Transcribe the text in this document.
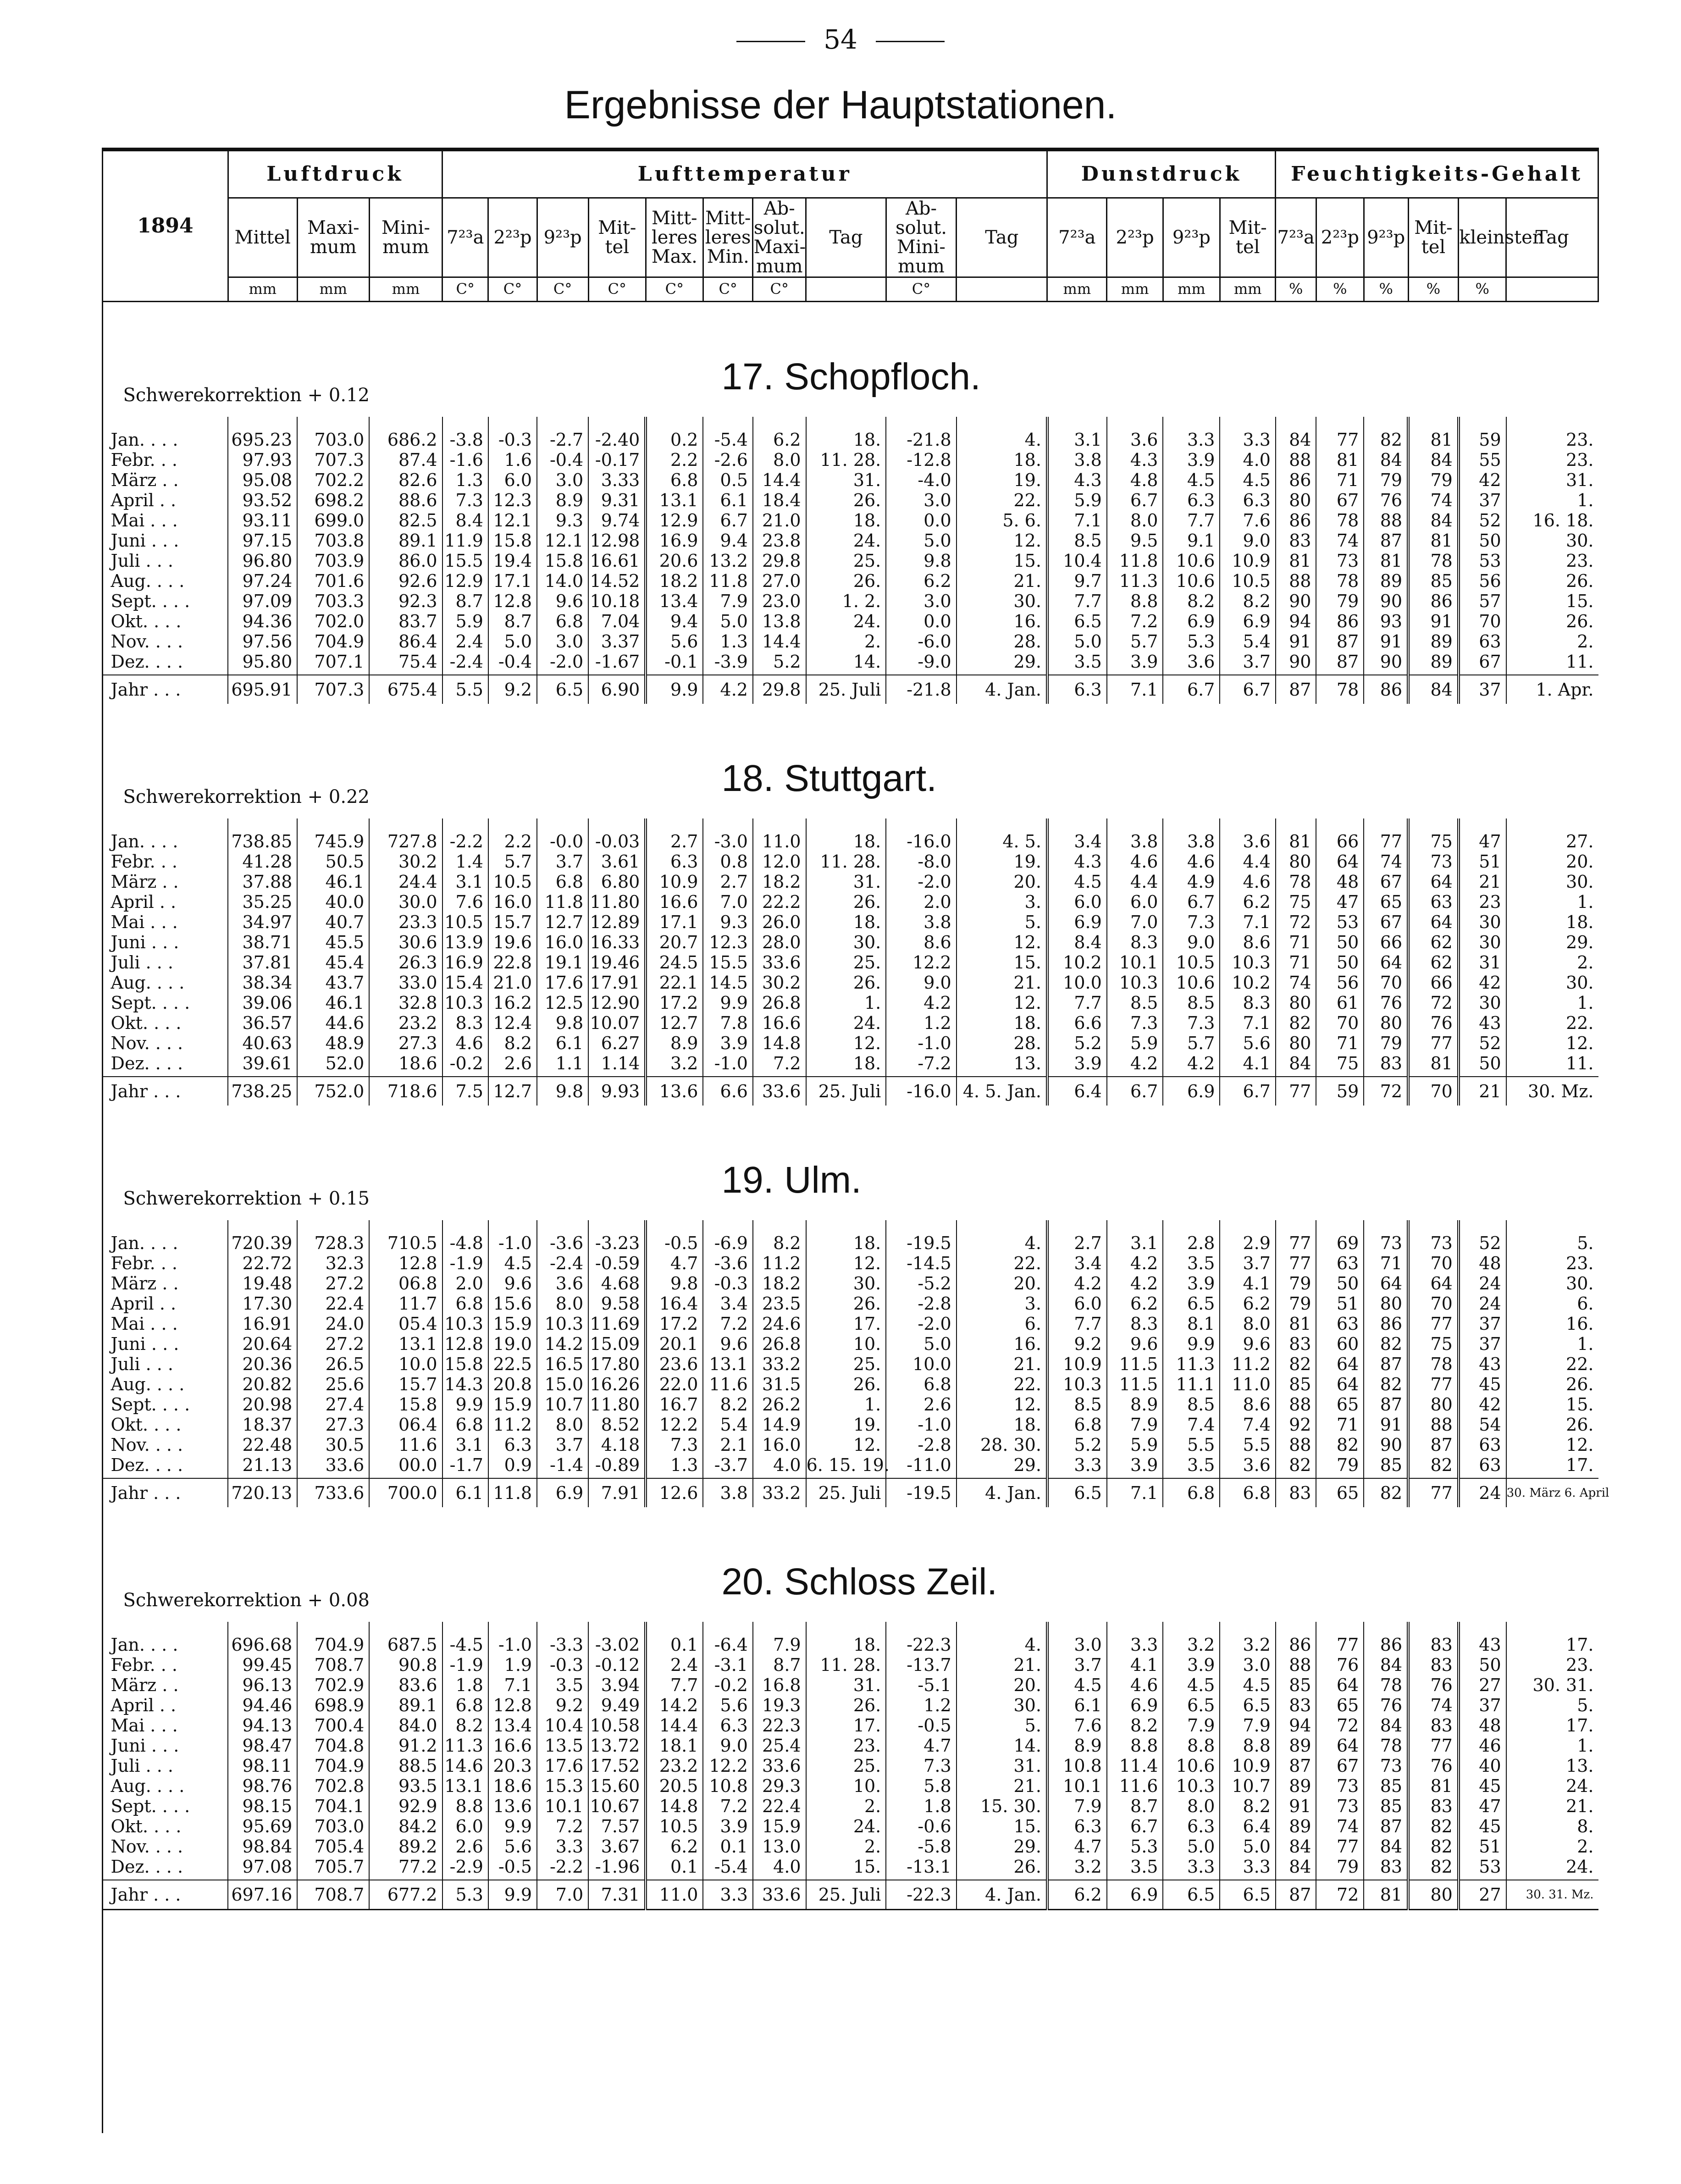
54
Ergebnisse der Hauptstationen.
1894	Luftdruck			Lufttemperatur										Dunstdruck				Feuchtigkeits-Gehalt					
	Mittel	Maxi-mum	Mini-mum	7²³a	2²³p	9²³p	Mit-tel	Mitt-leres Max.	Mitt-leres Min.	Ab-solut. Maxi-mum	Tag	Ab-solut. Mini-mum	Tag	7²³a	2²³p	9²³p	Mit-tel	7²³a	2²³p	9²³p	Mit-tel	kleinster	Tag
	mm	mm	mm	C°	C°	C°	C°	C°	C°	C°		C°		mm	mm	mm	mm	%	%	%	%	%	

Schwerekorrektion + 0.12 17. Schopfloch.																							

Jan. . . .	695.23	703.0	686.2	-3.8	-0.3	-2.7	-2.40	0.2	-5.4	6.2	18.	-21.8	4.	3.1	3.6	3.3	3.3	84	77	82	81	59	23.
Febr. . .	97.93	707.3	87.4	-1.6	1.6	-0.4	-0.17	2.2	-2.6	8.0	11. 28.	-12.8	18.	3.8	4.3	3.9	4.0	88	81	84	84	55	23.
März . .	95.08	702.2	82.6	1.3	6.0	3.0	3.33	6.8	0.5	14.4	31.	-4.0	19.	4.3	4.8	4.5	4.5	86	71	79	79	42	31.
April . .	93.52	698.2	88.6	7.3	12.3	8.9	9.31	13.1	6.1	18.4	26.	3.0	22.	5.9	6.7	6.3	6.3	80	67	76	74	37	1.
Mai . . .	93.11	699.0	82.5	8.4	12.1	9.3	9.74	12.9	6.7	21.0	18.	0.0	5. 6.	7.1	8.0	7.7	7.6	86	78	88	84	52	16. 18.
Juni . . .	97.15	703.8	89.1	11.9	15.8	12.1	12.98	16.9	9.4	23.8	24.	5.0	12.	8.5	9.5	9.1	9.0	83	74	87	81	50	30.
Juli . . .	96.80	703.9	86.0	15.5	19.4	15.8	16.61	20.6	13.2	29.8	25.	9.8	15.	10.4	11.8	10.6	10.9	81	73	81	78	53	23.
Aug. . . .	97.24	701.6	92.6	12.9	17.1	14.0	14.52	18.2	11.8	27.0	26.	6.2	21.	9.7	11.3	10.6	10.5	88	78	89	85	56	26.
Sept. . . .	97.09	703.3	92.3	8.7	12.8	9.6	10.18	13.4	7.9	23.0	1. 2.	3.0	30.	7.7	8.8	8.2	8.2	90	79	90	86	57	15.
Okt. . . .	94.36	702.0	83.7	5.9	8.7	6.8	7.04	9.4	5.0	13.8	24.	0.0	16.	6.5	7.2	6.9	6.9	94	86	93	91	70	26.
Nov. . . .	97.56	704.9	86.4	2.4	5.0	3.0	3.37	5.6	1.3	14.4	2.	-6.0	28.	5.0	5.7	5.3	5.4	91	87	91	89	63	2.
Dez. . . .	95.80	707.1	75.4	-2.4	-0.4	-2.0	-1.67	-0.1	-3.9	5.2	14.	-9.0	29.	3.5	3.9	3.6	3.7	90	87	90	89	67	11.
Jahr . . .	695.91	707.3	675.4	5.5	9.2	6.5	6.90	9.9	4.2	29.8	25. Juli	-21.8	4. Jan.	6.3	7.1	6.7	6.7	87	78	86	84	37	1. Apr.

Schwerekorrektion + 0.22 18. Stuttgart.																							

Jan. . . .	738.85	745.9	727.8	-2.2	2.2	-0.0	-0.03	2.7	-3.0	11.0	18.	-16.0	4. 5.	3.4	3.8	3.8	3.6	81	66	77	75	47	27.
Febr. . .	41.28	50.5	30.2	1.4	5.7	3.7	3.61	6.3	0.8	12.0	11. 28.	-8.0	19.	4.3	4.6	4.6	4.4	80	64	74	73	51	20.
März . .	37.88	46.1	24.4	3.1	10.5	6.8	6.80	10.9	2.7	18.2	31.	-2.0	20.	4.5	4.4	4.9	4.6	78	48	67	64	21	30.
April . .	35.25	40.0	30.0	7.6	16.0	11.8	11.80	16.6	7.0	22.2	26.	2.0	3.	6.0	6.0	6.7	6.2	75	47	65	63	23	1.
Mai . . .	34.97	40.7	23.3	10.5	15.7	12.7	12.89	17.1	9.3	26.0	18.	3.8	5.	6.9	7.0	7.3	7.1	72	53	67	64	30	18.
Juni . . .	38.71	45.5	30.6	13.9	19.6	16.0	16.33	20.7	12.3	28.0	30.	8.6	12.	8.4	8.3	9.0	8.6	71	50	66	62	30	29.
Juli . . .	37.81	45.4	26.3	16.9	22.8	19.1	19.46	24.5	15.5	33.6	25.	12.2	15.	10.2	10.1	10.5	10.3	71	50	64	62	31	2.
Aug. . . .	38.34	43.7	33.0	15.4	21.0	17.6	17.91	22.1	14.5	30.2	26.	9.0	21.	10.0	10.3	10.6	10.2	74	56	70	66	42	30.
Sept. . . .	39.06	46.1	32.8	10.3	16.2	12.5	12.90	17.2	9.9	26.8	1.	4.2	12.	7.7	8.5	8.5	8.3	80	61	76	72	30	1.
Okt. . . .	36.57	44.6	23.2	8.3	12.4	9.8	10.07	12.7	7.8	16.6	24.	1.2	18.	6.6	7.3	7.3	7.1	82	70	80	76	43	22.
Nov. . . .	40.63	48.9	27.3	4.6	8.2	6.1	6.27	8.9	3.9	14.8	12.	-1.0	28.	5.2	5.9	5.7	5.6	80	71	79	77	52	12.
Dez. . . .	39.61	52.0	18.6	-0.2	2.6	1.1	1.14	3.2	-1.0	7.2	18.	-7.2	13.	3.9	4.2	4.2	4.1	84	75	83	81	50	11.
Jahr . . .	738.25	752.0	718.6	7.5	12.7	9.8	9.93	13.6	6.6	33.6	25. Juli	-16.0	4. 5. Jan.	6.4	6.7	6.9	6.7	77	59	72	70	21	30. Mz.

Schwerekorrektion + 0.15 19. Ulm.																							

Jan. . . .	720.39	728.3	710.5	-4.8	-1.0	-3.6	-3.23	-0.5	-6.9	8.2	18.	-19.5	4.	2.7	3.1	2.8	2.9	77	69	73	73	52	5.
Febr. . .	22.72	32.3	12.8	-1.9	4.5	-2.4	-0.59	4.7	-3.6	11.2	12.	-14.5	22.	3.4	4.2	3.5	3.7	77	63	71	70	48	23.
März . .	19.48	27.2	06.8	2.0	9.6	3.6	4.68	9.8	-0.3	18.2	30.	-5.2	20.	4.2	4.2	3.9	4.1	79	50	64	64	24	30.
April . .	17.30	22.4	11.7	6.8	15.6	8.0	9.58	16.4	3.4	23.5	26.	-2.8	3.	6.0	6.2	6.5	6.2	79	51	80	70	24	6.
Mai . . .	16.91	24.0	05.4	10.3	15.9	10.3	11.69	17.2	7.2	24.6	17.	-2.0	6.	7.7	8.3	8.1	8.0	81	63	86	77	37	16.
Juni . . .	20.64	27.2	13.1	12.8	19.0	14.2	15.09	20.1	9.6	26.8	10.	5.0	16.	9.2	9.6	9.9	9.6	83	60	82	75	37	1.
Juli . . .	20.36	26.5	10.0	15.8	22.5	16.5	17.80	23.6	13.1	33.2	25.	10.0	21.	10.9	11.5	11.3	11.2	82	64	87	78	43	22.
Aug. . . .	20.82	25.6	15.7	14.3	20.8	15.0	16.26	22.0	11.6	31.5	26.	6.8	22.	10.3	11.5	11.1	11.0	85	64	82	77	45	26.
Sept. . . .	20.98	27.4	15.8	9.9	15.9	10.7	11.80	16.7	8.2	26.2	1.	2.6	12.	8.5	8.9	8.5	8.6	88	65	87	80	42	15.
Okt. . . .	18.37	27.3	06.4	6.8	11.2	8.0	8.52	12.2	5.4	14.9	19.	-1.0	18.	6.8	7.9	7.4	7.4	92	71	91	88	54	26.
Nov. . . .	22.48	30.5	11.6	3.1	6.3	3.7	4.18	7.3	2.1	16.0	12.	-2.8	28. 30.	5.2	5.9	5.5	5.5	88	82	90	87	63	12.
Dez. . . .	21.13	33.6	00.0	-1.7	0.9	-1.4	-0.89	1.3	-3.7	4.0	6. 15. 19.	-11.0	29.	3.3	3.9	3.5	3.6	82	79	85	82	63	17.
Jahr . . .	720.13	733.6	700.0	6.1	11.8	6.9	7.91	12.6	3.8	33.2	25. Juli	-19.5	4. Jan.	6.5	7.1	6.8	6.8	83	65	82	77	24	30. März 6. April

Schwerekorrektion + 0.08 20. Schloss Zeil.																							

Jan. . . .	696.68	704.9	687.5	-4.5	-1.0	-3.3	-3.02	0.1	-6.4	7.9	18.	-22.3	4.	3.0	3.3	3.2	3.2	86	77	86	83	43	17.
Febr. . .	99.45	708.7	90.8	-1.9	1.9	-0.3	-0.12	2.4	-3.1	8.7	11. 28.	-13.7	21.	3.7	4.1	3.9	3.0	88	76	84	83	50	23.
März . .	96.13	702.9	83.6	1.8	7.1	3.5	3.94	7.7	-0.2	16.8	31.	-5.1	20.	4.5	4.6	4.5	4.5	85	64	78	76	27	30. 31.
April . .	94.46	698.9	89.1	6.8	12.8	9.2	9.49	14.2	5.6	19.3	26.	1.2	30.	6.1	6.9	6.5	6.5	83	65	76	74	37	5.
Mai . . .	94.13	700.4	84.0	8.2	13.4	10.4	10.58	14.4	6.3	22.3	17.	-0.5	5.	7.6	8.2	7.9	7.9	94	72	84	83	48	17.
Juni . . .	98.47	704.8	91.2	11.3	16.6	13.5	13.72	18.1	9.0	25.4	23.	4.7	14.	8.9	8.8	8.8	8.8	89	64	78	77	46	1.
Juli . . .	98.11	704.9	88.5	14.6	20.3	17.6	17.52	23.2	12.2	33.6	25.	7.3	31.	10.8	11.4	10.6	10.9	87	67	73	76	40	13.
Aug. . . .	98.76	702.8	93.5	13.1	18.6	15.3	15.60	20.5	10.8	29.3	10.	5.8	21.	10.1	11.6	10.3	10.7	89	73	85	81	45	24.
Sept. . . .	98.15	704.1	92.9	8.8	13.6	10.1	10.67	14.8	7.2	22.4	2.	1.8	15. 30.	7.9	8.7	8.0	8.2	91	73	85	83	47	21.
Okt. . . .	95.69	703.0	84.2	6.0	9.9	7.2	7.57	10.5	3.9	15.9	24.	-0.6	15.	6.3	6.7	6.3	6.4	89	74	87	82	45	8.
Nov. . . .	98.84	705.4	89.2	2.6	5.6	3.3	3.67	6.2	0.1	13.0	2.	-5.8	29.	4.7	5.3	5.0	5.0	84	77	84	82	51	2.
Dez. . . .	97.08	705.7	77.2	-2.9	-0.5	-2.2	-1.96	0.1	-5.4	4.0	15.	-13.1	26.	3.2	3.5	3.3	3.3	84	79	83	82	53	24.
Jahr . . .	697.16	708.7	677.2	5.3	9.9	7.0	7.31	11.0	3.3	33.6	25. Juli	-22.3	4. Jan.	6.2	6.9	6.5	6.5	87	72	81	80	27	30. 31. Mz.
